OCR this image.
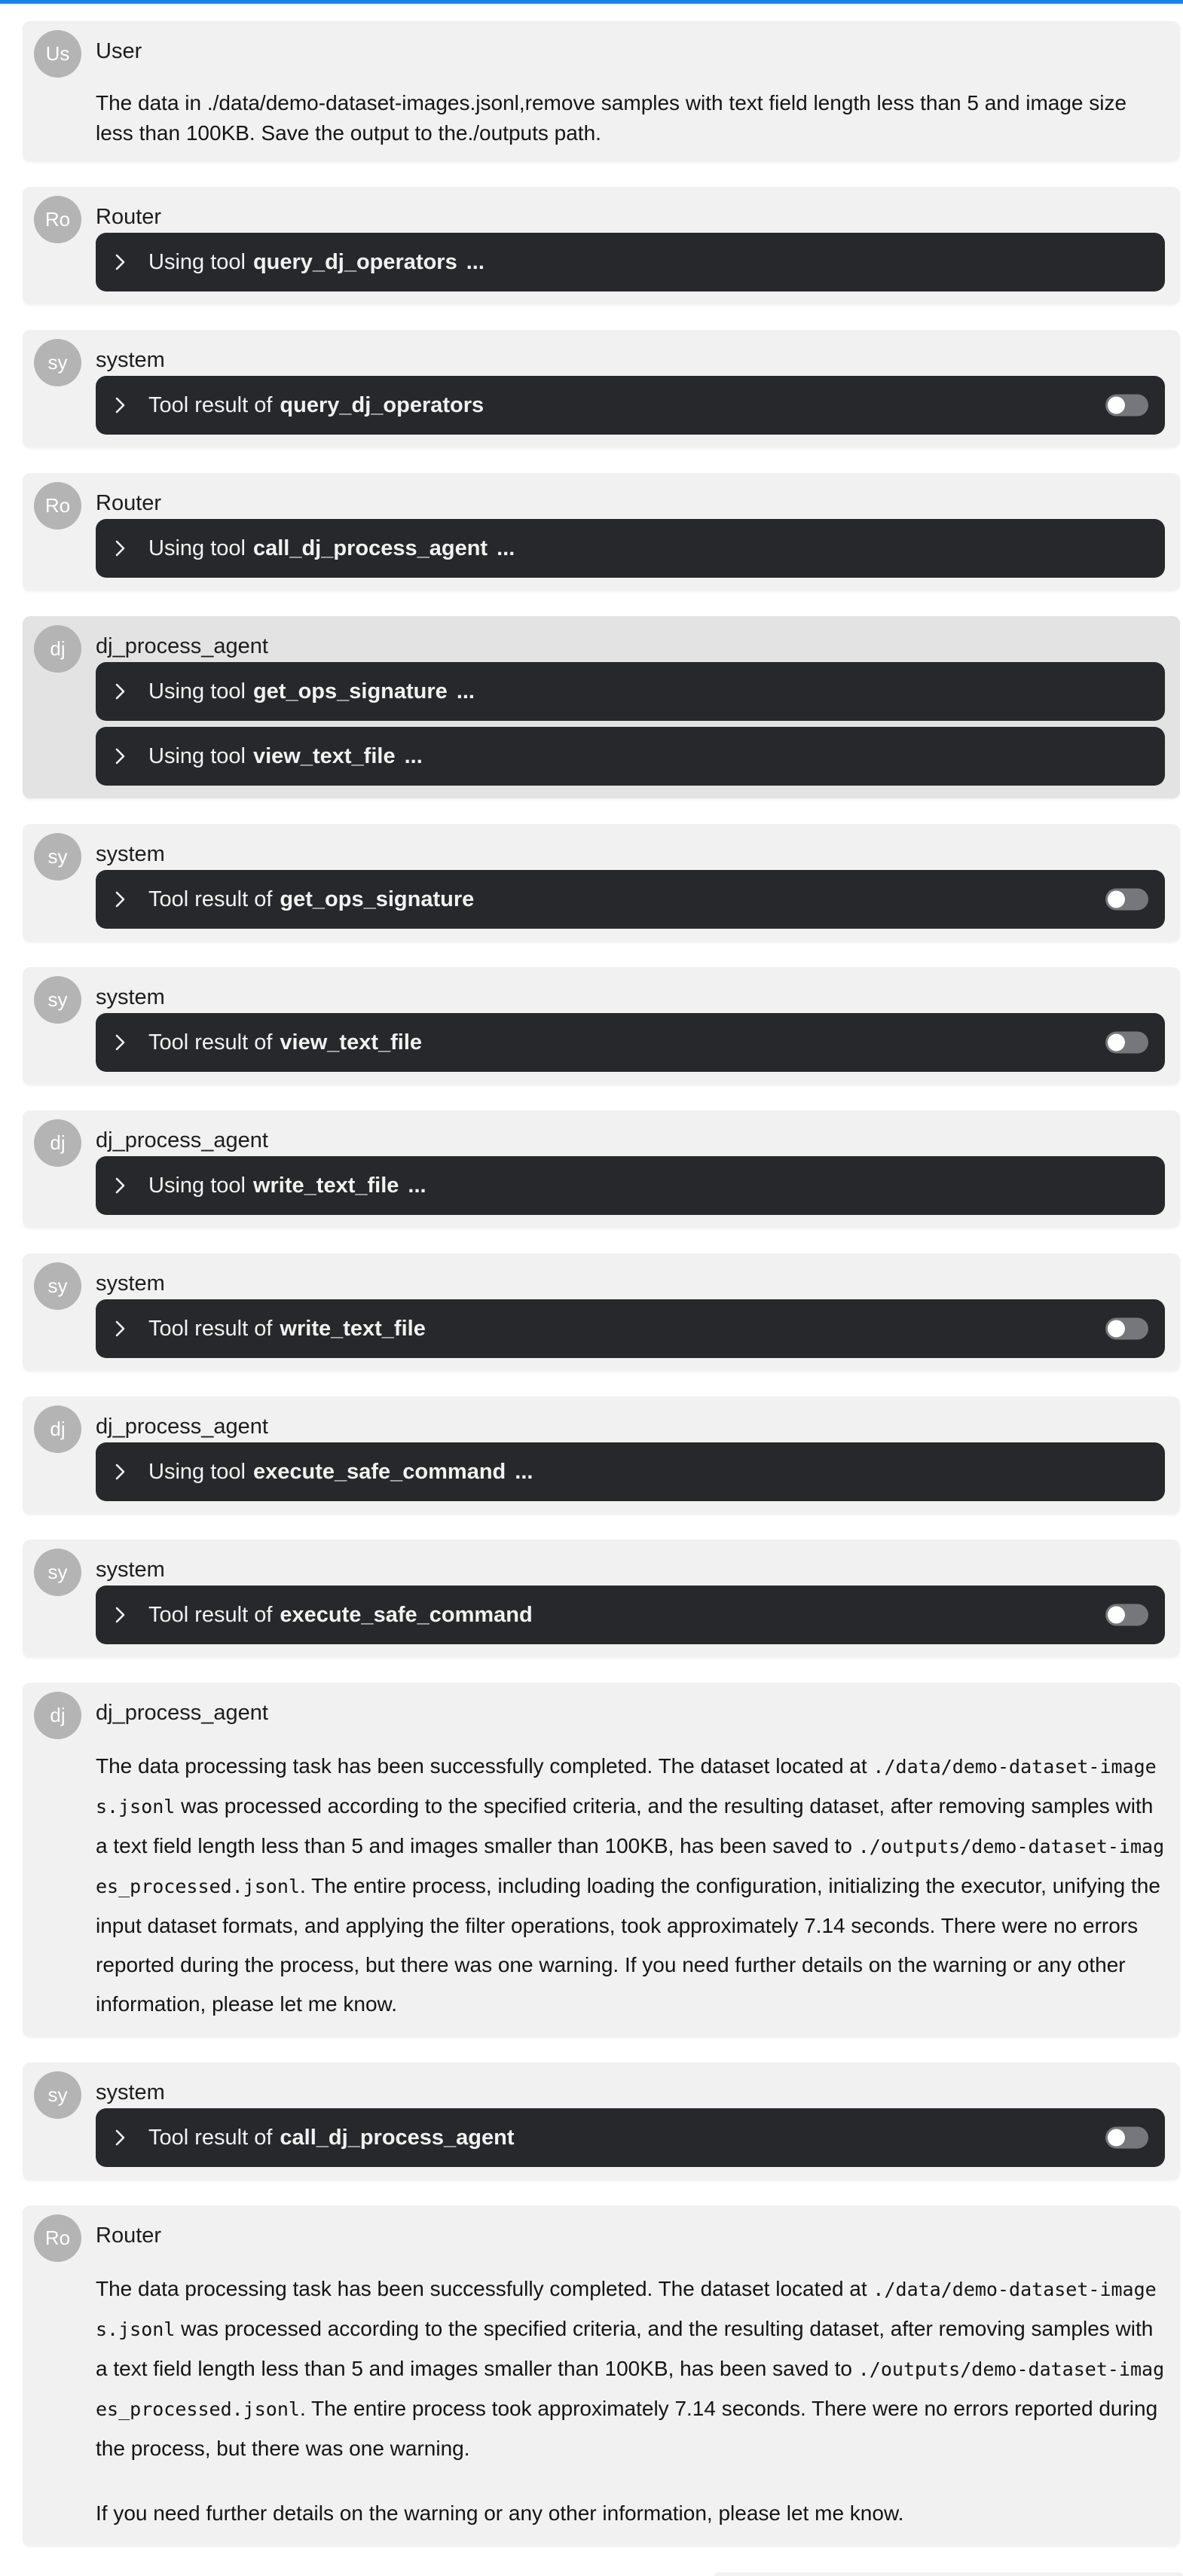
Us	User

The data in ./data/demo-dataset-images.jsonl,remove samples with text field length less than 5 and image size less than 100KB. Save the output to the./outputs path.

Ro	Router
Using tool query_dj_operators ...
sy	system
Tool result of query_dj_operators
Ro	Router
Using tool call_dj_process_agent ...
dj	dj_process_agent
Using tool get_ops_signature ...
Using tool view_text_file ...
sy	system
Tool result of get_ops_signature
sy	system
Tool result of view_text_file
dj	dj_process_agent
Using tool write_text_file ...
sy	system
Tool result of write_text_file
dj	dj_process_agent
Using tool execute_safe_command ...
sy	system
Tool result of execute_safe_command
dj	dj_process_agent

The data processing task has been successfully completed. The dataset located at ./data/demo-dataset-images.jsonl was processed according to the specified criteria, and the resulting dataset, after removing samples with a text field length less than 5 and images smaller than 100KB, has been saved to ./outputs/demo-dataset-images_processed.jsonl. The entire process, including loading the configuration, initializing the executor, unifying the input dataset formats, and applying the filter operations, took approximately 7.14 seconds. There were no errors reported during the process, but there was one warning. If you need further details on the warning or any other information, please let me know.

sy	system
Tool result of call_dj_process_agent
Ro	Router

The data processing task has been successfully completed. The dataset located at ./data/demo-dataset-images.jsonl was processed according to the specified criteria, and the resulting dataset, after removing samples with a text field length less than 5 and images smaller than 100KB, has been saved to ./outputs/demo-dataset-images_processed.jsonl. The entire process took approximately 7.14 seconds. There were no errors reported during the process, but there was one warning.

If you need further details on the warning or any other information, please let me know.
